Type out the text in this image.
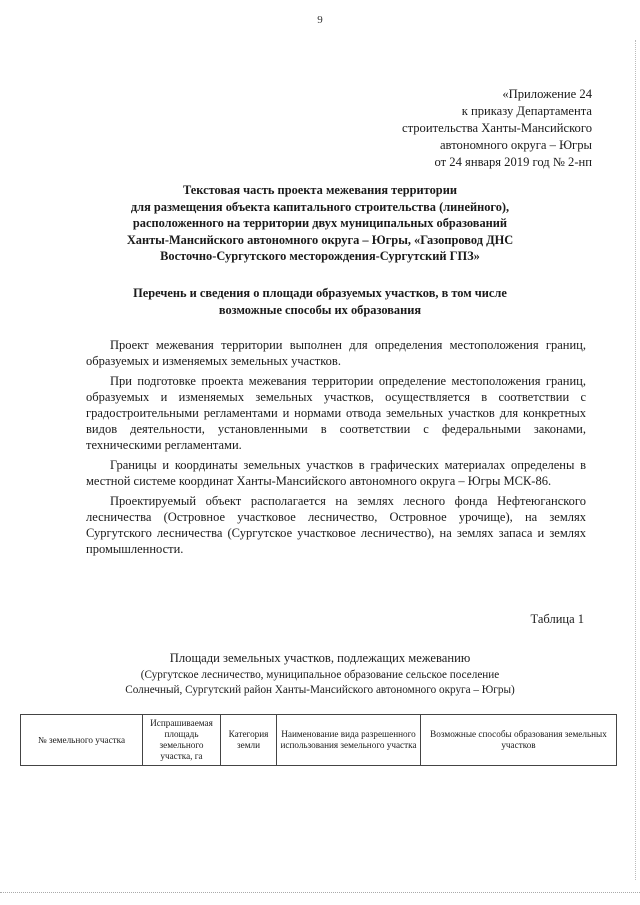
9
«Приложение 24
к приказу Департамента
строительства Ханты-Мансийского
автономного округа – Югры
от 24 января 2019 год № 2-нп
Текстовая часть проекта межевания территории
для размещения объекта капитального строительства (линейного),
расположенного на территории двух муниципальных образований
Ханты-Мансийского автономного округа – Югры, «Газопровод ДНС
Восточно-Сургутского месторождения-Сургутский ГПЗ»
Перечень и сведения о площади образуемых участков, в том числе
возможные способы их образования

Проект межевания территории выполнен для определения местоположения границ, образуемых и изменяемых земельных участков.

При подготовке проекта межевания территории определение местоположения границ, образуемых и изменяемых земельных участков, осуществляется в соответствии с градостроительными регламентами и нормами отвода земельных участков для конкретных видов деятельности, установленными в соответствии с федеральными законами, техническими регламентами.

Границы и координаты земельных участков в графических материалах определены в местной системе координат Ханты-Мансийского автономного округа – Югры МСК-86.

Проектируемый объект располагается на землях лесного фонда Нефтеюганского лесничества (Островное участковое лесничество, Островное урочище), на землях Сургутского лесничества (Сургутское участковое лесничество), на землях запаса и землях промышленности.

Таблица 1
Площади земельных участков, подлежащих межеванию
(Сургутское лесничество, муниципальное образование сельское поселение
Солнечный, Сургутский район Ханты-Мансийского автономного округа – Югры)
№ земельного участка	Испрашиваемая площадь земельного участка, га	Категория земли	Наименование вида разрешенного использования земельного участка	Возможные способы образования земельных участков
